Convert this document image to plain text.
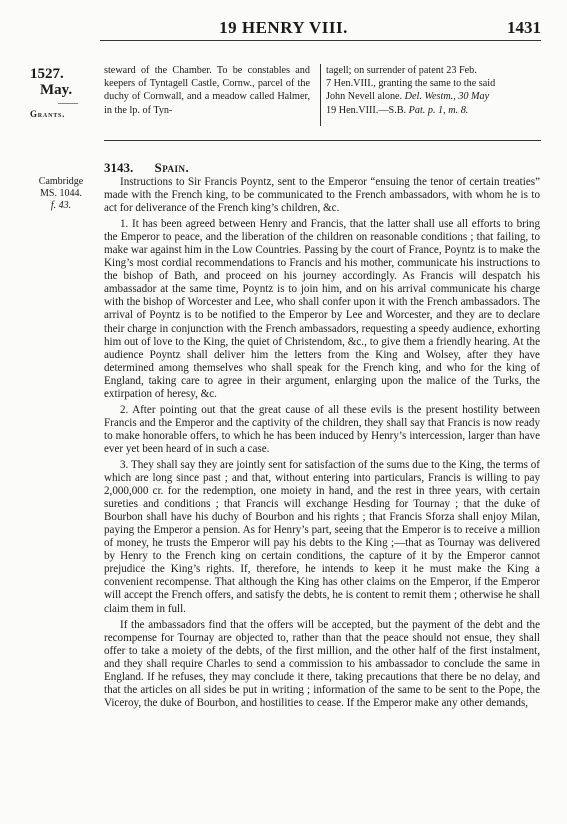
19 HENRY VIII.	1431
1527.
May.
——
Grants.
steward of the Chamber. To be constables and keepers of Tyntagell Castle, Cornw., parcel of the duchy of Cornwall, and a meadow called Halmer, in the lp. of Tyn-
tagell; on surrender of patent 23 Feb.
7 Hen.VIII., granting the same to the said
John Nevell alone. Del. Westm., 30 May
19 Hen.VIII.—S.B. Pat. p. 1, m. 8.
3143. Spain.
Cambridge
MS. 1044.
f. 43.

Instructions to Sir Francis Poyntz, sent to the Emperor “ensuing the tenor of certain treaties” made with the French king, to be communicated to the French ambassadors, with whom he is to act for deliverance of the French king’s children, &c.

1. It has been agreed between Henry and Francis, that the latter shall use all efforts to bring the Emperor to peace, and the liberation of the children on reasonable conditions ; that failing, to make war against him in the Low Countries. Passing by the court of France, Poyntz is to make the King’s most cordial recommendations to Francis and his mother, communicate his instructions to the bishop of Bath, and proceed on his journey accordingly. As Francis will despatch his ambassador at the same time, Poyntz is to join him, and on his arrival communicate his charge with the bishop of Worcester and Lee, who shall confer upon it with the French ambassadors. The arrival of Poyntz is to be notified to the Emperor by Lee and Worcester, and they are to declare their charge in conjunction with the French ambassadors, requesting a speedy audience, exhorting him out of love to the King, the quiet of Christendom, &c., to give them a friendly hearing. At the audience Poyntz shall deliver him the letters from the King and Wolsey, after they have determined among themselves who shall speak for the French king, and who for the king of England, taking care to agree in their argument, enlarging upon the malice of the Turks, the extirpation of heresy, &c.

2. After pointing out that the great cause of all these evils is the present hostility between Francis and the Emperor and the captivity of the children, they shall say that Francis is now ready to make honorable offers, to which he has been induced by Henry’s intercession, larger than have ever yet been heard of in such a case.

3. They shall say they are jointly sent for satisfaction of the sums due to the King, the terms of which are long since past ; and that, without entering into particulars, Francis is willing to pay 2,000,000 cr. for the redemption, one moiety in hand, and the rest in three years, with certain sureties and conditions ; that Francis will exchange Hesding for Tournay ; that the duke of Bourbon shall have his duchy of Bourbon and his rights ; that Francis Sforza shall enjoy Milan, paying the Emperor a pension. As for Henry’s part, seeing that the Emperor is to receive a million of money, he trusts the Emperor will pay his debts to the King ;—that as Tournay was delivered by Henry to the French king on certain conditions, the capture of it by the Emperor cannot prejudice the King’s rights. If, therefore, he intends to keep it he must make the King a convenient recompense. That although the King has other claims on the Emperor, if the Emperor will accept the French offers, and satisfy the debts, he is content to remit them ; otherwise he shall claim them in full.

If the ambassadors find that the offers will be accepted, but the payment of the debt and the recompense for Tournay are objected to, rather than that the peace should not ensue, they shall offer to take a moiety of the debts, of the first million, and the other half of the first instalment, and they shall require Charles to send a commission to his ambassador to conclude the same in England. If he refuses, they may conclude it there, taking precautions that there be no delay, and that the articles on all sides be put in writing ; information of the same to be sent to the Pope, the Viceroy, the duke of Bourbon, and hostilities to cease. If the Emperor make any other demands,
